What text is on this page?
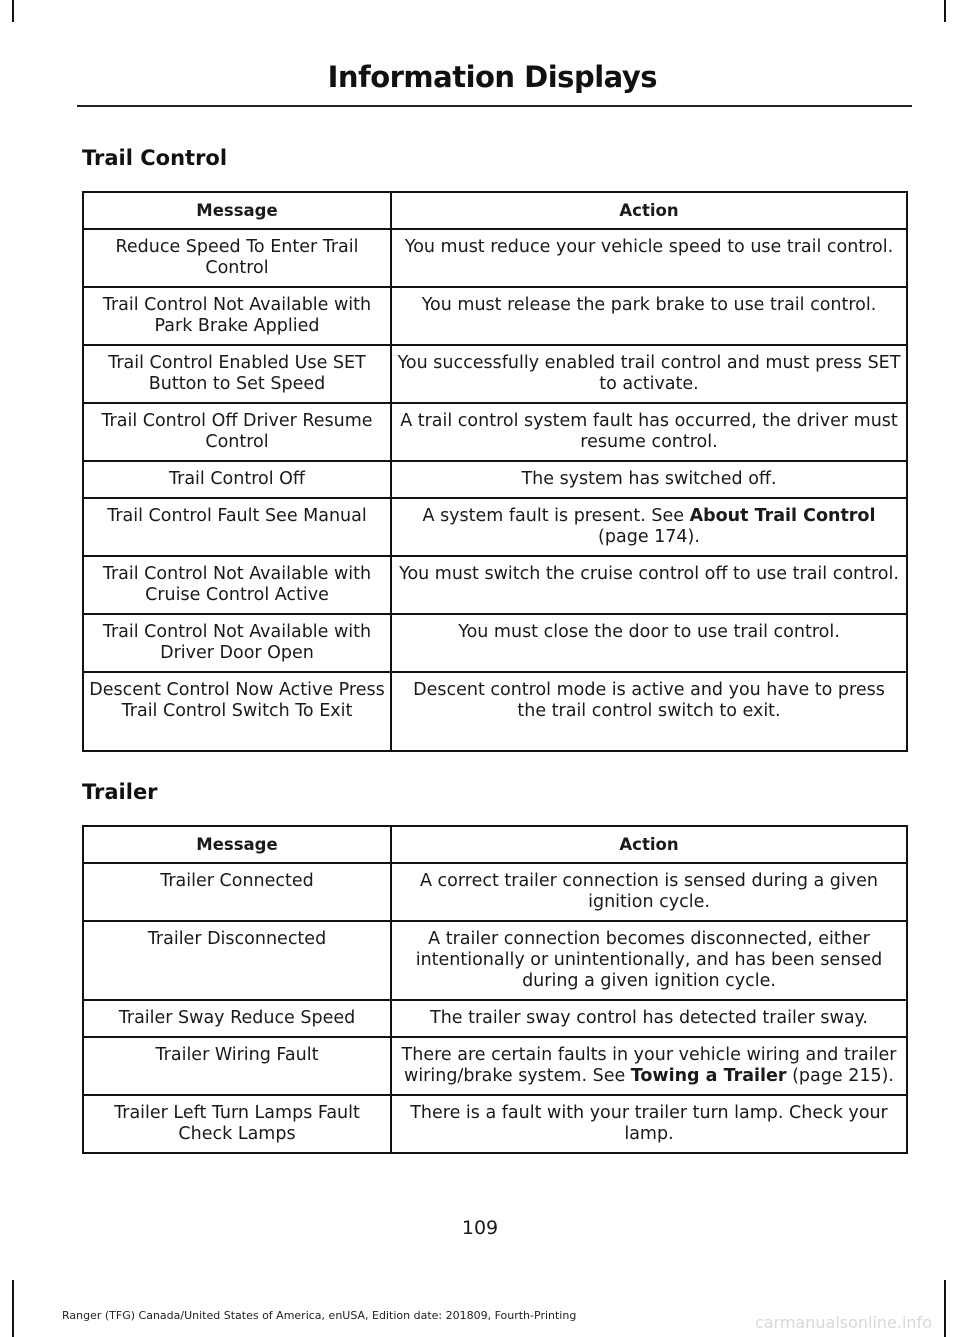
Information Displays
Trail Control
Message	Action
Reduce Speed To Enter Trail Control	You must reduce your vehicle speed to use trail control.
Trail Control Not Available with Park Brake Applied	You must release the park brake to use trail control.
Trail Control Enabled Use SET Button to Set Speed	You successfully enabled trail control and must press SET to activate.
Trail Control Off Driver Resume Control	A trail control system fault has occurred, the driver must resume control.
Trail Control Off	The system has switched off.
Trail Control Fault See Manual	A system fault is present. See About Trail Control (page 174).
Trail Control Not Available with Cruise Control Active	You must switch the cruise control off to use trail control.
Trail Control Not Available with Driver Door Open	You must close the door to use trail control.
Descent Control Now Active Press Trail Control Switch To Exit	Descent control mode is active and you have to press the trail control switch to exit.
Trailer
Message	Action
Trailer Connected	A correct trailer connection is sensed during a given ignition cycle.
Trailer Disconnected	A trailer connection becomes disconnected, either intentionally or unintentionally, and has been sensed during a given ignition cycle.
Trailer Sway Reduce Speed	The trailer sway control has detected trailer sway.
Trailer Wiring Fault	There are certain faults in your vehicle wiring and trailer wiring/brake system. See Towing a Trailer (page 215).
Trailer Left Turn Lamps Fault Check Lamps	There is a fault with your trailer turn lamp. Check your lamp.

109

Ranger (TFG) Canada/United States of America, enUSA, Edition date: 201809, Fourth-Printing	carmanualsonline.info
